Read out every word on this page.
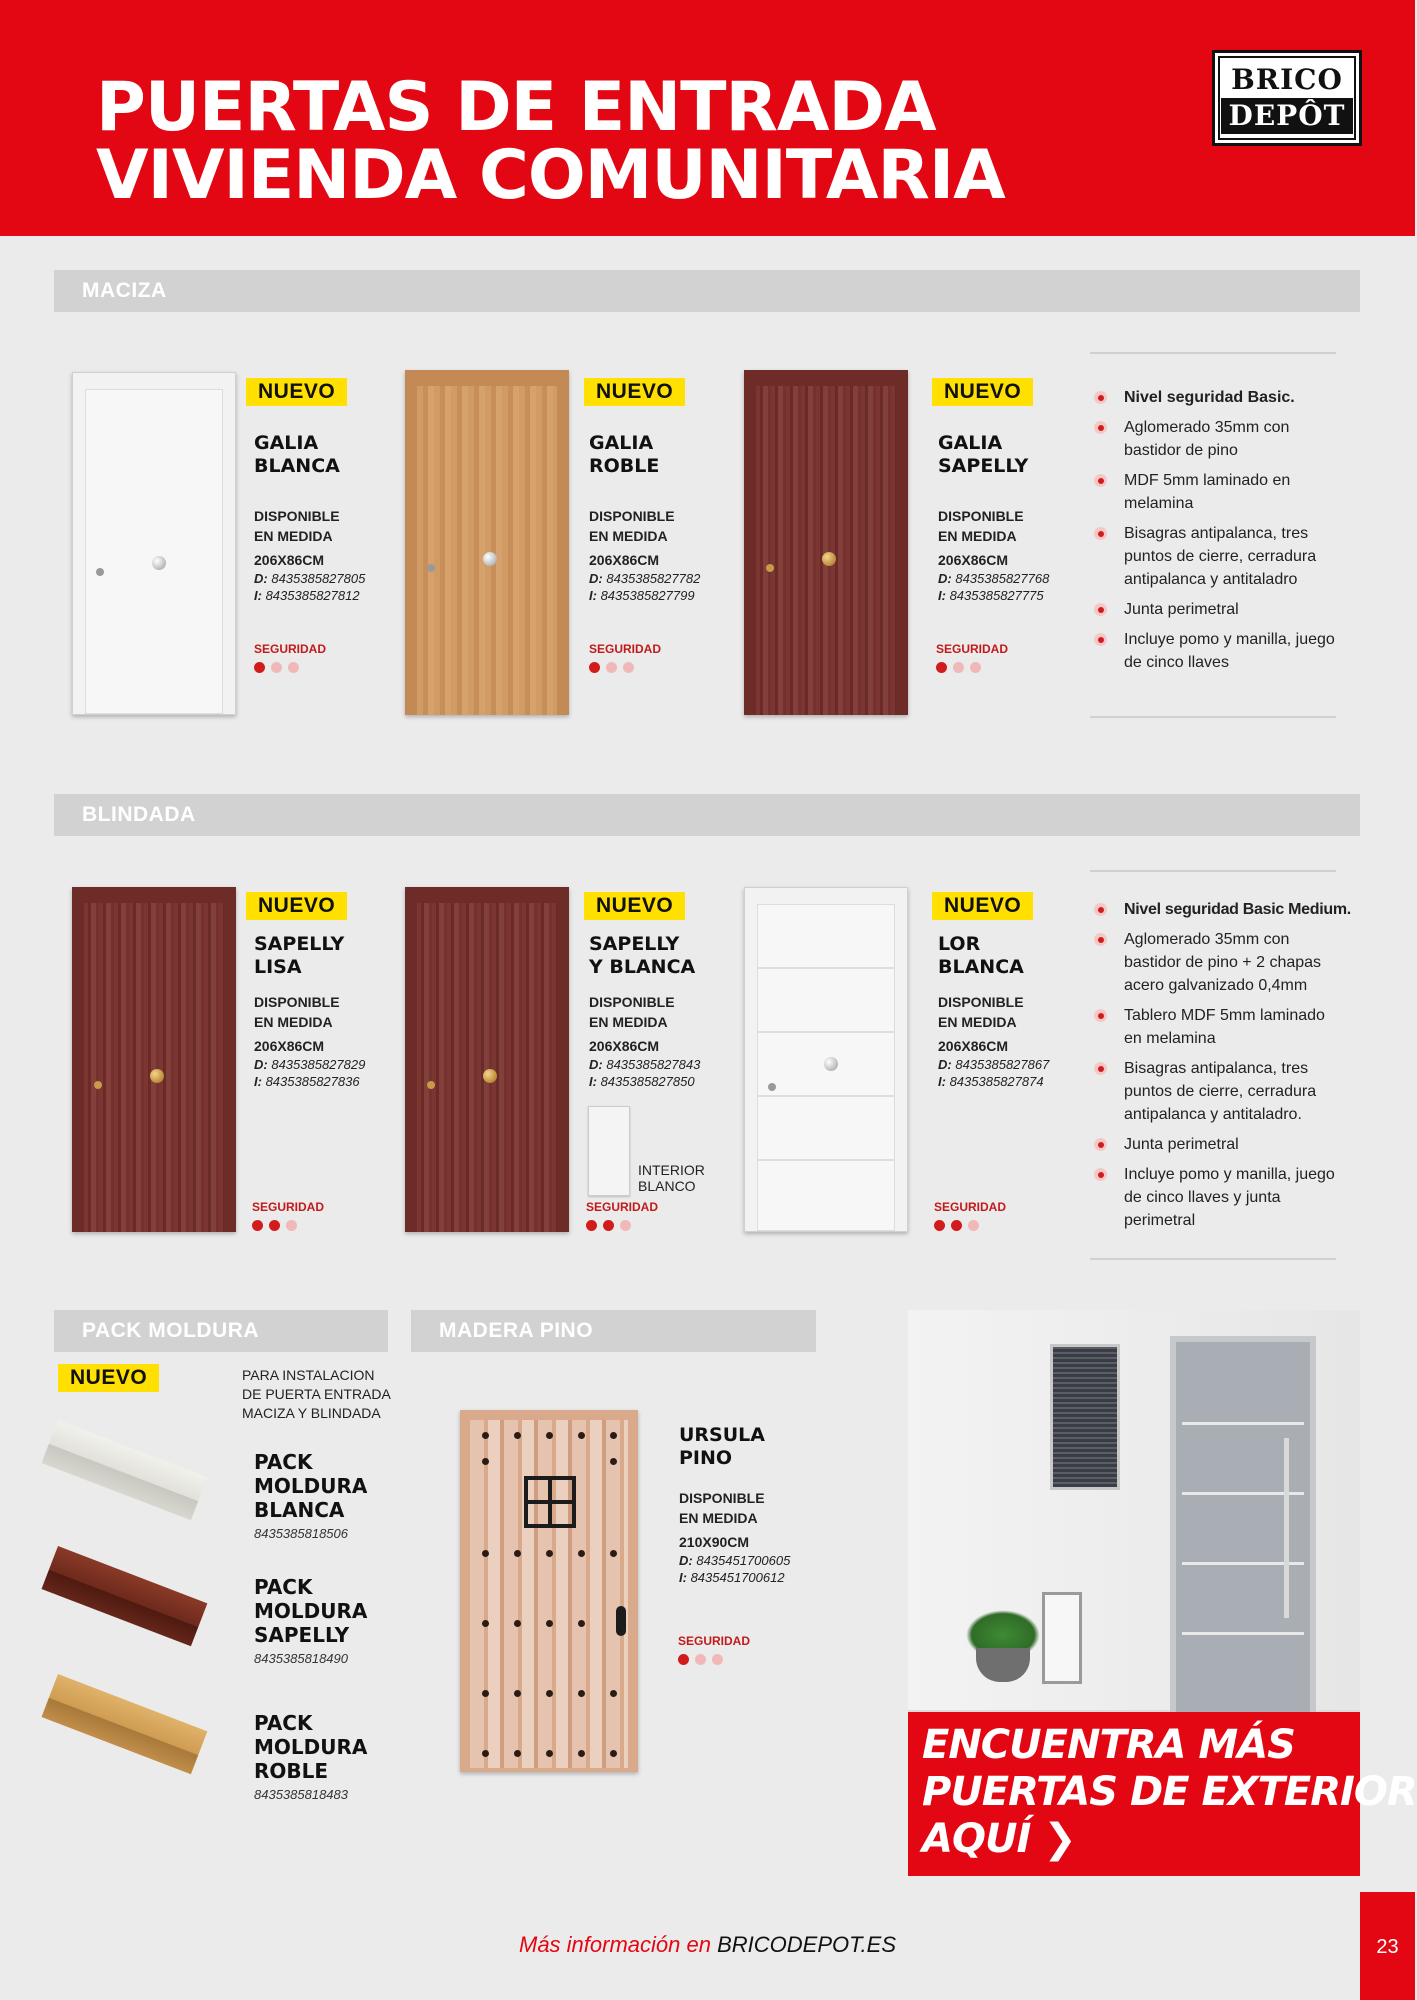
PUERTAS DE ENTRADA
VIVIENDA COMUNITARIA
BRICO
DEPÔT
MACIZA
NUEVO
GALIA
BLANCA
DISPONIBLE
EN MEDIDA
206X86CM
D: 8435385827805
I: 8435385827812
SEGURIDAD
NUEVO
GALIA
ROBLE
DISPONIBLE
EN MEDIDA
206X86CM
D: 8435385827782
I: 8435385827799
SEGURIDAD
NUEVO
GALIA
SAPELLY
DISPONIBLE
EN MEDIDA
206X86CM
D: 8435385827768
I: 8435385827775
SEGURIDAD
Nivel seguridad Basic.
Aglomerado 35mm con bastidor de pino
MDF 5mm laminado en melamina
Bisagras antipalanca, tres puntos de cierre, cerradura antipalanca y antitaladro
Junta perimetral
Incluye pomo y manilla, juego de cinco llaves
BLINDADA
NUEVO
SAPELLY
LISA
DISPONIBLE
EN MEDIDA
206X86CM
D: 8435385827829
I: 8435385827836
SEGURIDAD
NUEVO
SAPELLY
Y BLANCA
DISPONIBLE
EN MEDIDA
206X86CM
D: 8435385827843
I: 8435385827850
INTERIOR
BLANCO
SEGURIDAD
NUEVO
LOR
BLANCA
DISPONIBLE
EN MEDIDA
206X86CM
D: 8435385827867
I: 8435385827874
SEGURIDAD
Nivel seguridad Basic Medium.
Aglomerado 35mm con bastidor de pino + 2 chapas acero galvanizado 0,4mm
Tablero MDF 5mm laminado en melamina
Bisagras antipalanca, tres puntos de cierre, cerradura antipalanca y antitaladro.
Junta perimetral
Incluye pomo y manilla, juego de cinco llaves y junta perimetral
PACK MOLDURA
NUEVO	PARA INSTALACION
DE PUERTA ENTRADA
MACIZA Y BLINDADA
PACK
MOLDURA
BLANCA
8435385818506
PACK
MOLDURA
SAPELLY
8435385818490
PACK
MOLDURA
ROBLE
8435385818483
MADERA PINO
URSULA
PINO
DISPONIBLE
EN MEDIDA
210X90CM
D: 8435451700605
I: 8435451700612
SEGURIDAD
ENCUENTRA MÁS
PUERTAS DE EXTERIOR
AQUÍ ❯
Más información en BRICODEPOT.ES	23
